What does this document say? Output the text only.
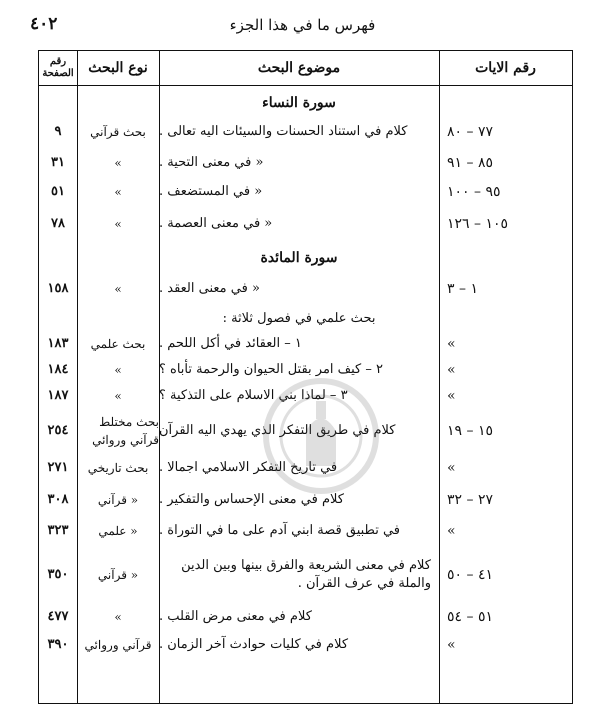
٤٠٢	فهرس ما في هذا الجزء
رقم الايات
موضوع البحث
نوع البحث
رقم الصفحة
سورة النساء
٧٧ – ٨٠
كلام في استناد الحسنات والسيئات اليه تعالى .
بحث قرآني
٩
٨٥ – ٩١
« في معنى التحية .
«
٣١
٩٥ – ١٠٠
« في المستضعف .
«
٥١
١٠٥ – ١٢٦
« في معنى العصمة .
«
٧٨
سورة المائدة
١ – ٣
« في معنى العقد .
«
١٥٨
بحث علمي في فصول ثلاثة :
«
١ – العقائد في أكل اللحم .
بحث علمي
١٨٣
«
٢ – كيف امر بقتل الحيوان والرحمة تأباه ؟
«
١٨٤
«
٣ – لماذا بني الاسلام على التذكية ؟
«
١٨٧
١٥ – ١٩
كلام في طريق التفكر الذي يهدي اليه القرآن
بحث مختلط قرآني وروائي
٢٥٤
«
في تاريخ التفكر الاسلامي اجمالا .
بحث تاريخي
٢٧١
٢٧ – ٣٢
كلام في معنى الإحساس والتفكير .
« قرآني
٣٠٨
«
في تطبيق قصة ابني آدم على ما في التوراة .
« علمي
٣٢٣
٤١ – ٥٠
كلام في معنى الشريعة والفرق بينها وبين الدين والملة في عرف القرآن .
« قرآني
٣٥٠
٥١ – ٥٤
كلام في معنى مرض القلب .
«
٤٧٧
«
كلام في كليات حوادث آخر الزمان .
قرآني وروائي
٣٩٠
